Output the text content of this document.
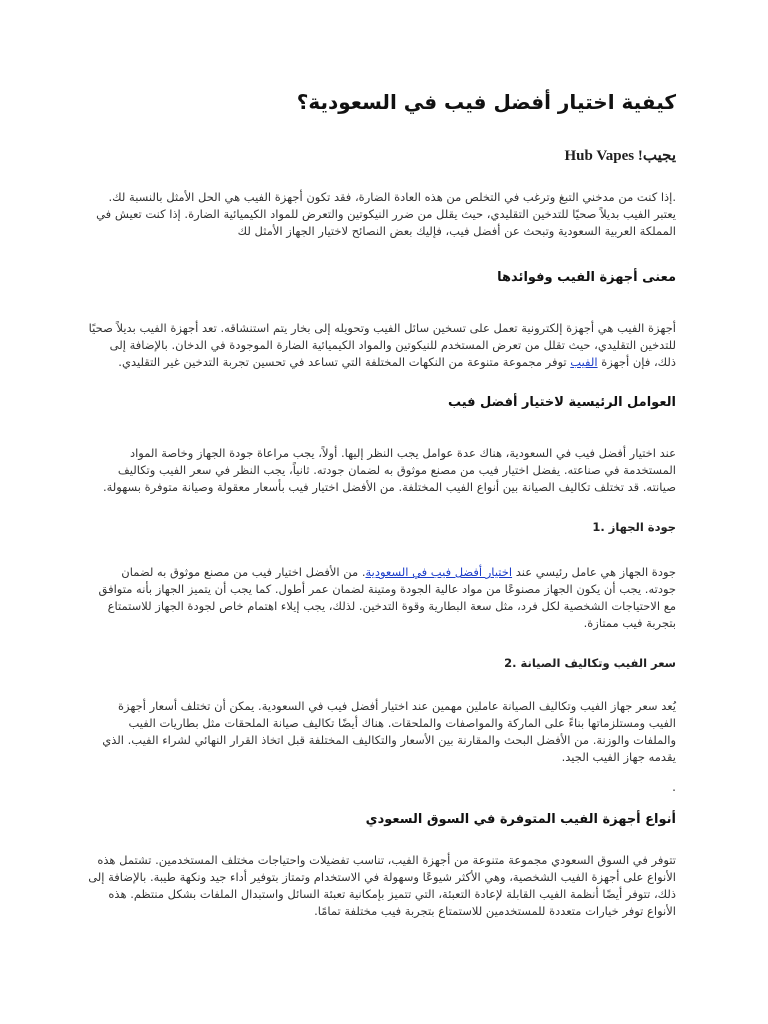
كيفية اختيار أفضل فيب في السعودية؟
Hub Vapes !يجيب

.إذا كنت من مدخني التبغ وترغب في التخلص من هذه العادة الضارة، فقد تكون أجهزة الفيب هي الحل الأمثل بالنسبة لك. يعتبر الفيب بديلاً صحيًا للتدخين التقليدي، حيث يقلل من ضرر النيكوتين والتعرض للمواد الكيميائية الضارة. إذا كنت تعيش في المملكة العربية السعودية وتبحث عن أفضل فيب، فإليك بعض النصائح لاختيار الجهاز الأمثل لك

معنى أجهزة الفيب وفوائدها

أجهزة الفيب هي أجهزة إلكترونية تعمل على تسخين سائل الفيب وتحويله إلى بخار يتم استنشاقه. تعد أجهزة الفيب بديلاً صحيًا للتدخين التقليدي، حيث تقلل من تعرض المستخدم للنيكوتين والمواد الكيميائية الضارة الموجودة في الدخان. بالإضافة إلى ذلك، فإن أجهزة الفيب توفر مجموعة متنوعة من النكهات المختلفة التي تساعد في تحسين تجربة التدخين غير التقليدي.

العوامل الرئيسية لاختيار أفضل فيب

عند اختيار أفضل فيب في السعودية، هناك عدة عوامل يجب النظر إليها. أولاً، يجب مراعاة جودة الجهاز وخاصة المواد المستخدمة في صناعته. يفضل اختيار فيب من مصنع موثوق به لضمان جودته. ثانياً، يجب النظر في سعر الفيب وتكاليف صيانته. قد تختلف تكاليف الصيانة بين أنواع الفيب المختلفة. من الأفضل اختيار فيب بأسعار معقولة وصيانة متوفرة بسهولة.

جودة الجهاز .1

جودة الجهاز هي عامل رئيسي عند اختيار أفضل فيب في السعودية. من الأفضل اختيار فيب من مصنع موثوق به لضمان جودته. يجب أن يكون الجهاز مصنوعًا من مواد عالية الجودة ومتينة لضمان عمر أطول. كما يجب أن يتميز الجهاز بأنه متوافق مع الاحتياجات الشخصية لكل فرد، مثل سعة البطارية وقوة التدخين. لذلك، يجب إيلاء اهتمام خاص لجودة الجهاز للاستمتاع بتجربة فيب ممتازة.

سعر الفيب وتكاليف الصيانة .2

يُعد سعر جهاز الفيب وتكاليف الصيانة عاملين مهمين عند اختيار أفضل فيب في السعودية. يمكن أن تختلف أسعار أجهزة الفيب ومستلزماتها بناءً على الماركة والمواصفات والملحقات. هناك أيضًا تكاليف صيانة الملحقات مثل بطاريات الفيب والملفات والوزنة. من الأفضل البحث والمقارنة بين الأسعار والتكاليف المختلفة قبل اتخاذ القرار النهائي لشراء الفيب. الذي يقدمه جهاز الفيب الجيد.

.

أنواع أجهزة الفيب المتوفرة في السوق السعودي

تتوفر في السوق السعودي مجموعة متنوعة من أجهزة الفيب، تناسب تفضيلات واحتياجات مختلف المستخدمين. تشتمل هذه الأنواع على أجهزة الفيب الشخصية، وهي الأكثر شيوعًا وسهولة في الاستخدام وتمتاز بتوفير أداء جيد ونكهة طيبة. بالإضافة إلى ذلك، تتوفر أيضًا أنظمة الفيب القابلة لإعادة التعبئة، التي تتميز بإمكانية تعبئة السائل واستبدال الملفات بشكل منتظم. هذه الأنواع توفر خيارات متعددة للمستخدمين للاستمتاع بتجربة فيب مختلفة تمامًا.
